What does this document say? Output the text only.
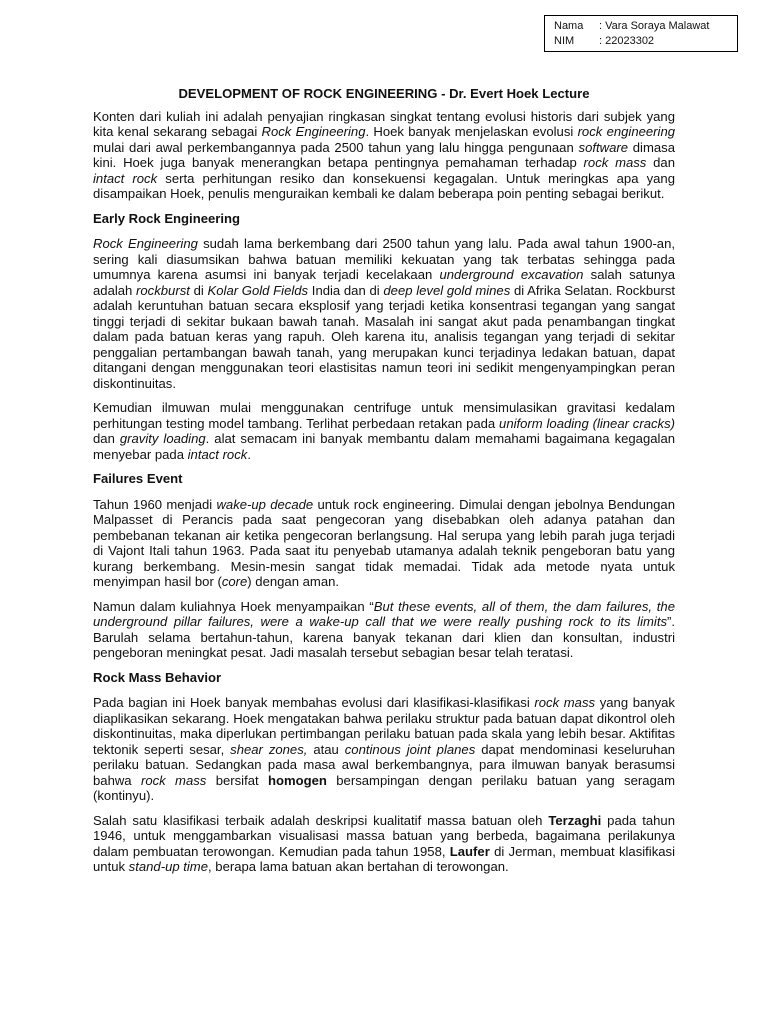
Nama	: Vara Soraya Malawat
NIM	: 22023302
DEVELOPMENT OF ROCK ENGINEERING - Dr. Evert Hoek Lecture

Konten dari kuliah ini adalah penyajian ringkasan singkat tentang evolusi historis dari subjek yang kita kenal sekarang sebagai Rock Engineering. Hoek banyak menjelaskan evolusi rock engineering mulai dari awal perkembangannya pada 2500 tahun yang lalu hingga pengunaan software dimasa kini. Hoek juga banyak menerangkan betapa pentingnya pemahaman terhadap rock mass dan intact rock serta perhitungan resiko dan konsekuensi kegagalan. Untuk meringkas apa yang disampaikan Hoek, penulis menguraikan kembali ke dalam beberapa poin penting sebagai berikut.

Early Rock Engineering

Rock Engineering sudah lama berkembang dari 2500 tahun yang lalu. Pada awal tahun 1900-an, sering kali diasumsikan bahwa batuan memiliki kekuatan yang tak terbatas sehingga pada umumnya karena asumsi ini banyak terjadi kecelakaan underground excavation salah satunya adalah rockburst di Kolar Gold Fields India dan di deep level gold mines di Afrika Selatan. Rockburst adalah keruntuhan batuan secara eksplosif yang terjadi ketika konsentrasi tegangan yang sangat tinggi terjadi di sekitar bukaan bawah tanah. Masalah ini sangat akut pada penambangan tingkat dalam pada batuan keras yang rapuh. Oleh karena itu, analisis tegangan yang terjadi di sekitar penggalian pertambangan bawah tanah, yang merupakan kunci terjadinya ledakan batuan, dapat ditangani dengan menggunakan teori elastisitas namun teori ini sedikit mengenyampingkan peran diskontinuitas.

Kemudian ilmuwan mulai menggunakan centrifuge untuk mensimulasikan gravitasi kedalam perhitungan testing model tambang. Terlihat perbedaan retakan pada uniform loading (linear cracks) dan gravity loading. alat semacam ini banyak membantu dalam memahami bagaimana kegagalan menyebar pada intact rock.

Failures Event

Tahun 1960 menjadi wake-up decade untuk rock engineering. Dimulai dengan jebolnya Bendungan Malpasset di Perancis pada saat pengecoran yang disebabkan oleh adanya patahan dan pembebanan tekanan air ketika pengecoran berlangsung. Hal serupa yang lebih parah juga terjadi di Vajont Itali tahun 1963. Pada saat itu penyebab utamanya adalah teknik pengeboran batu yang kurang berkembang. Mesin-mesin sangat tidak memadai. Tidak ada metode nyata untuk menyimpan hasil bor (core) dengan aman.

Namun dalam kuliahnya Hoek menyampaikan “But these events, all of them, the dam failures, the underground pillar failures, were a wake-up call that we were really pushing rock to its limits”. Barulah selama bertahun-tahun, karena banyak tekanan dari klien dan konsultan, industri pengeboran meningkat pesat. Jadi masalah tersebut sebagian besar telah teratasi.

Rock Mass Behavior

Pada bagian ini Hoek banyak membahas evolusi dari klasifikasi-klasifikasi rock mass yang banyak diaplikasikan sekarang. Hoek mengatakan bahwa perilaku struktur pada batuan dapat dikontrol oleh diskontinuitas, maka diperlukan pertimbangan perilaku batuan pada skala yang lebih besar. Aktifitas tektonik seperti sesar, shear zones, atau continous joint planes dapat mendominasi keseluruhan perilaku batuan. Sedangkan pada masa awal berkembangnya, para ilmuwan banyak berasumsi bahwa rock mass bersifat homogen bersampingan dengan perilaku batuan yang seragam (kontinyu).

Salah satu klasifikasi terbaik adalah deskripsi kualitatif massa batuan oleh Terzaghi pada tahun 1946, untuk menggambarkan visualisasi massa batuan yang berbeda, bagaimana perilakunya dalam pembuatan terowongan. Kemudian pada tahun 1958, Laufer di Jerman, membuat klasifikasi untuk stand-up time, berapa lama batuan akan bertahan di terowongan.
